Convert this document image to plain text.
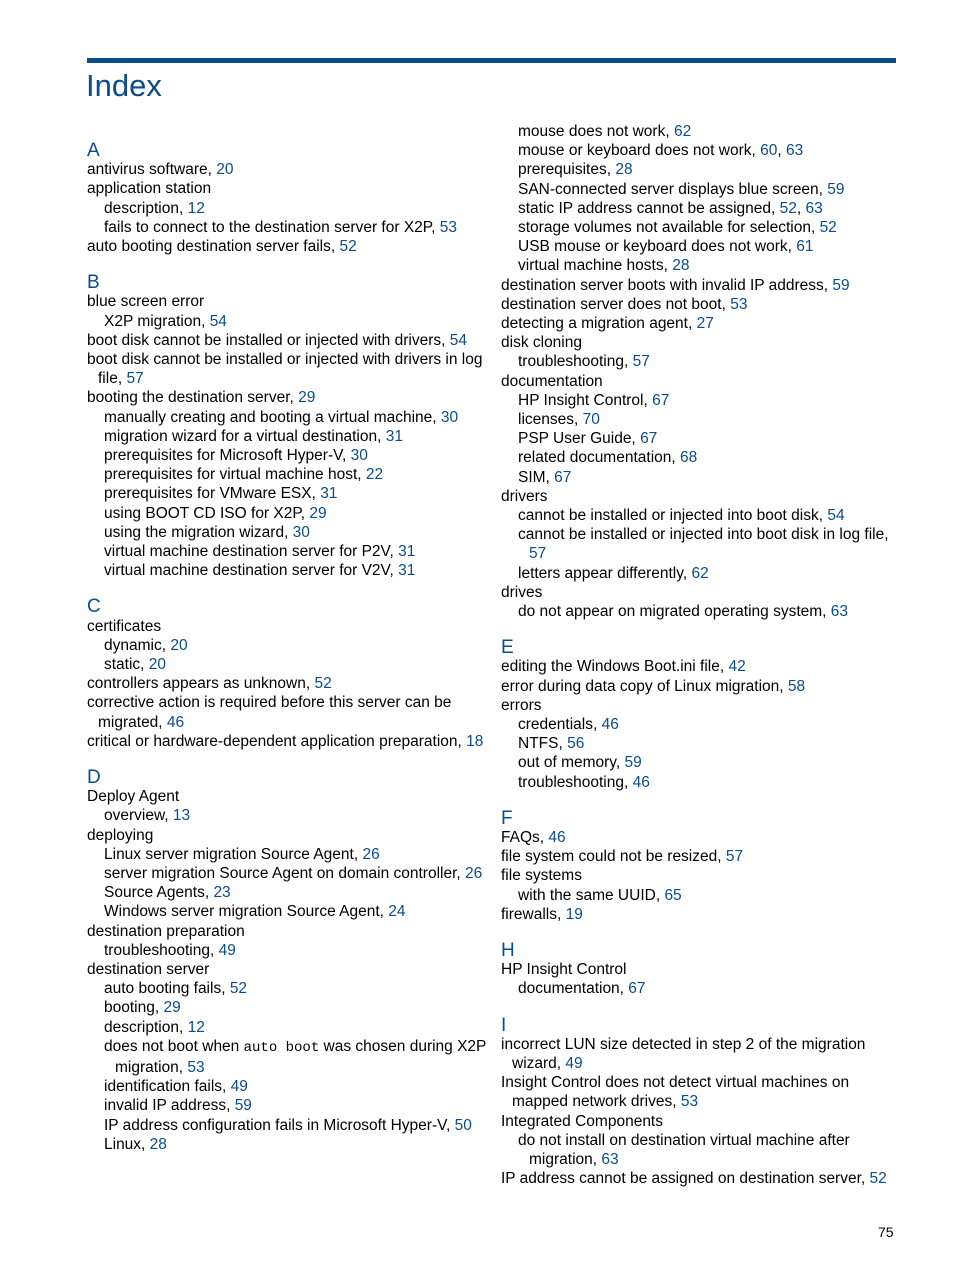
Index
A
antivirus software, 20
application station
description, 12
fails to connect to the destination server for X2P, 53
auto booting destination server fails, 52
B
blue screen error
X2P migration, 54
boot disk cannot be installed or injected with drivers, 54
boot disk cannot be installed or injected with drivers in log file, 57
booting the destination server, 29
manually creating and booting a virtual machine, 30
migration wizard for a virtual destination, 31
prerequisites for Microsoft Hyper-V, 30
prerequisites for virtual machine host, 22
prerequisites for VMware ESX, 31
using BOOT CD ISO for X2P, 29
using the migration wizard, 30
virtual machine destination server for P2V, 31
virtual machine destination server for V2V, 31
C
certificates
dynamic, 20
static, 20
controllers appears as unknown, 52
corrective action is required before this server can be migrated, 46
critical or hardware-dependent application preparation, 18
D
Deploy Agent
overview, 13
deploying
Linux server migration Source Agent, 26
server migration Source Agent on domain controller, 26
Source Agents, 23
Windows server migration Source Agent, 24
destination preparation
troubleshooting, 49
destination server
auto booting fails, 52
booting, 29
description, 12
does not boot when auto boot was chosen during X2P migration, 53
identification fails, 49
invalid IP address, 59
IP address configuration fails in Microsoft Hyper-V, 50
Linux, 28
mouse does not work, 62
mouse or keyboard does not work, 60, 63
prerequisites, 28
SAN-connected server displays blue screen, 59
static IP address cannot be assigned, 52, 63
storage volumes not available for selection, 52
USB mouse or keyboard does not work, 61
virtual machine hosts, 28
destination server boots with invalid IP address, 59
destination server does not boot, 53
detecting a migration agent, 27
disk cloning
troubleshooting, 57
documentation
HP Insight Control, 67
licenses, 70
PSP User Guide, 67
related documentation, 68
SIM, 67
drivers
cannot be installed or injected into boot disk, 54
cannot be installed or injected into boot disk in log file, 57
letters appear differently, 62
drives
do not appear on migrated operating system, 63
E
editing the Windows Boot.ini file, 42
error during data copy of Linux migration, 58
errors
credentials, 46
NTFS, 56
out of memory, 59
troubleshooting, 46
F
FAQs, 46
file system could not be resized, 57
file systems
with the same UUID, 65
firewalls, 19
H
HP Insight Control
documentation, 67
I
incorrect LUN size detected in step 2 of the migration wizard, 49
Insight Control does not detect virtual machines on mapped network drives, 53
Integrated Components
do not install on destination virtual machine after migration, 63
IP address cannot be assigned on destination server, 52
75
